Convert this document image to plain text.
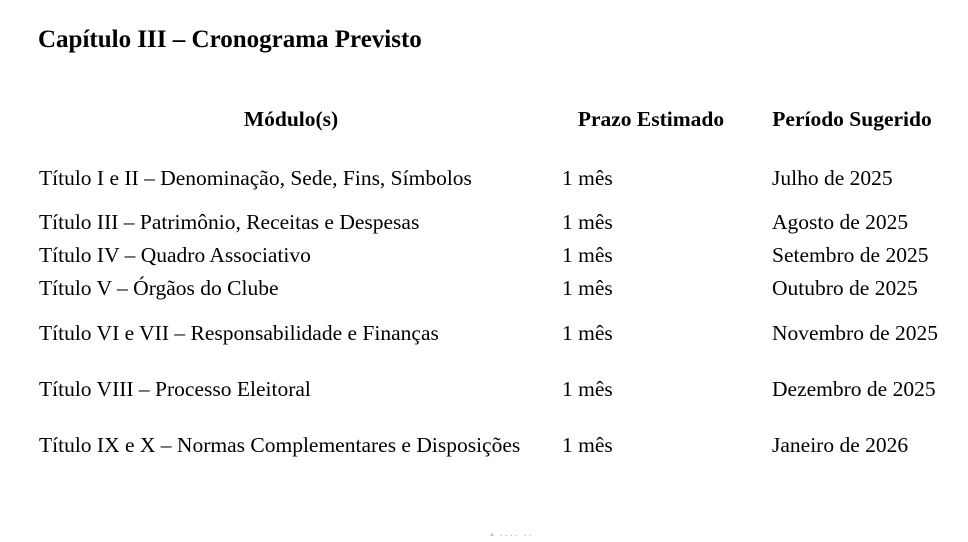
Capítulo III – Cronograma Previsto
Módulo(s)	Prazo Estimado	Período Sugerido
Título I e II – Denominação, Sede, Fins, Símbolos	1 mês	Julho de 2025
Título III – Patrimônio, Receitas e Despesas	1 mês	Agosto de 2025
Título IV – Quadro Associativo	1 mês	Setembro de 2025
Título V – Órgãos do Clube	1 mês	Outubro de 2025
Título VI e VII – Responsabilidade e Finanças	1 mês	Novembro de 2025
Título VIII – Processo Eleitoral	1 mês	Dezembro de 2025
Título IX e X – Normas Complementares e Disposições	1 mês	Janeiro de 2026
• ···· ··
